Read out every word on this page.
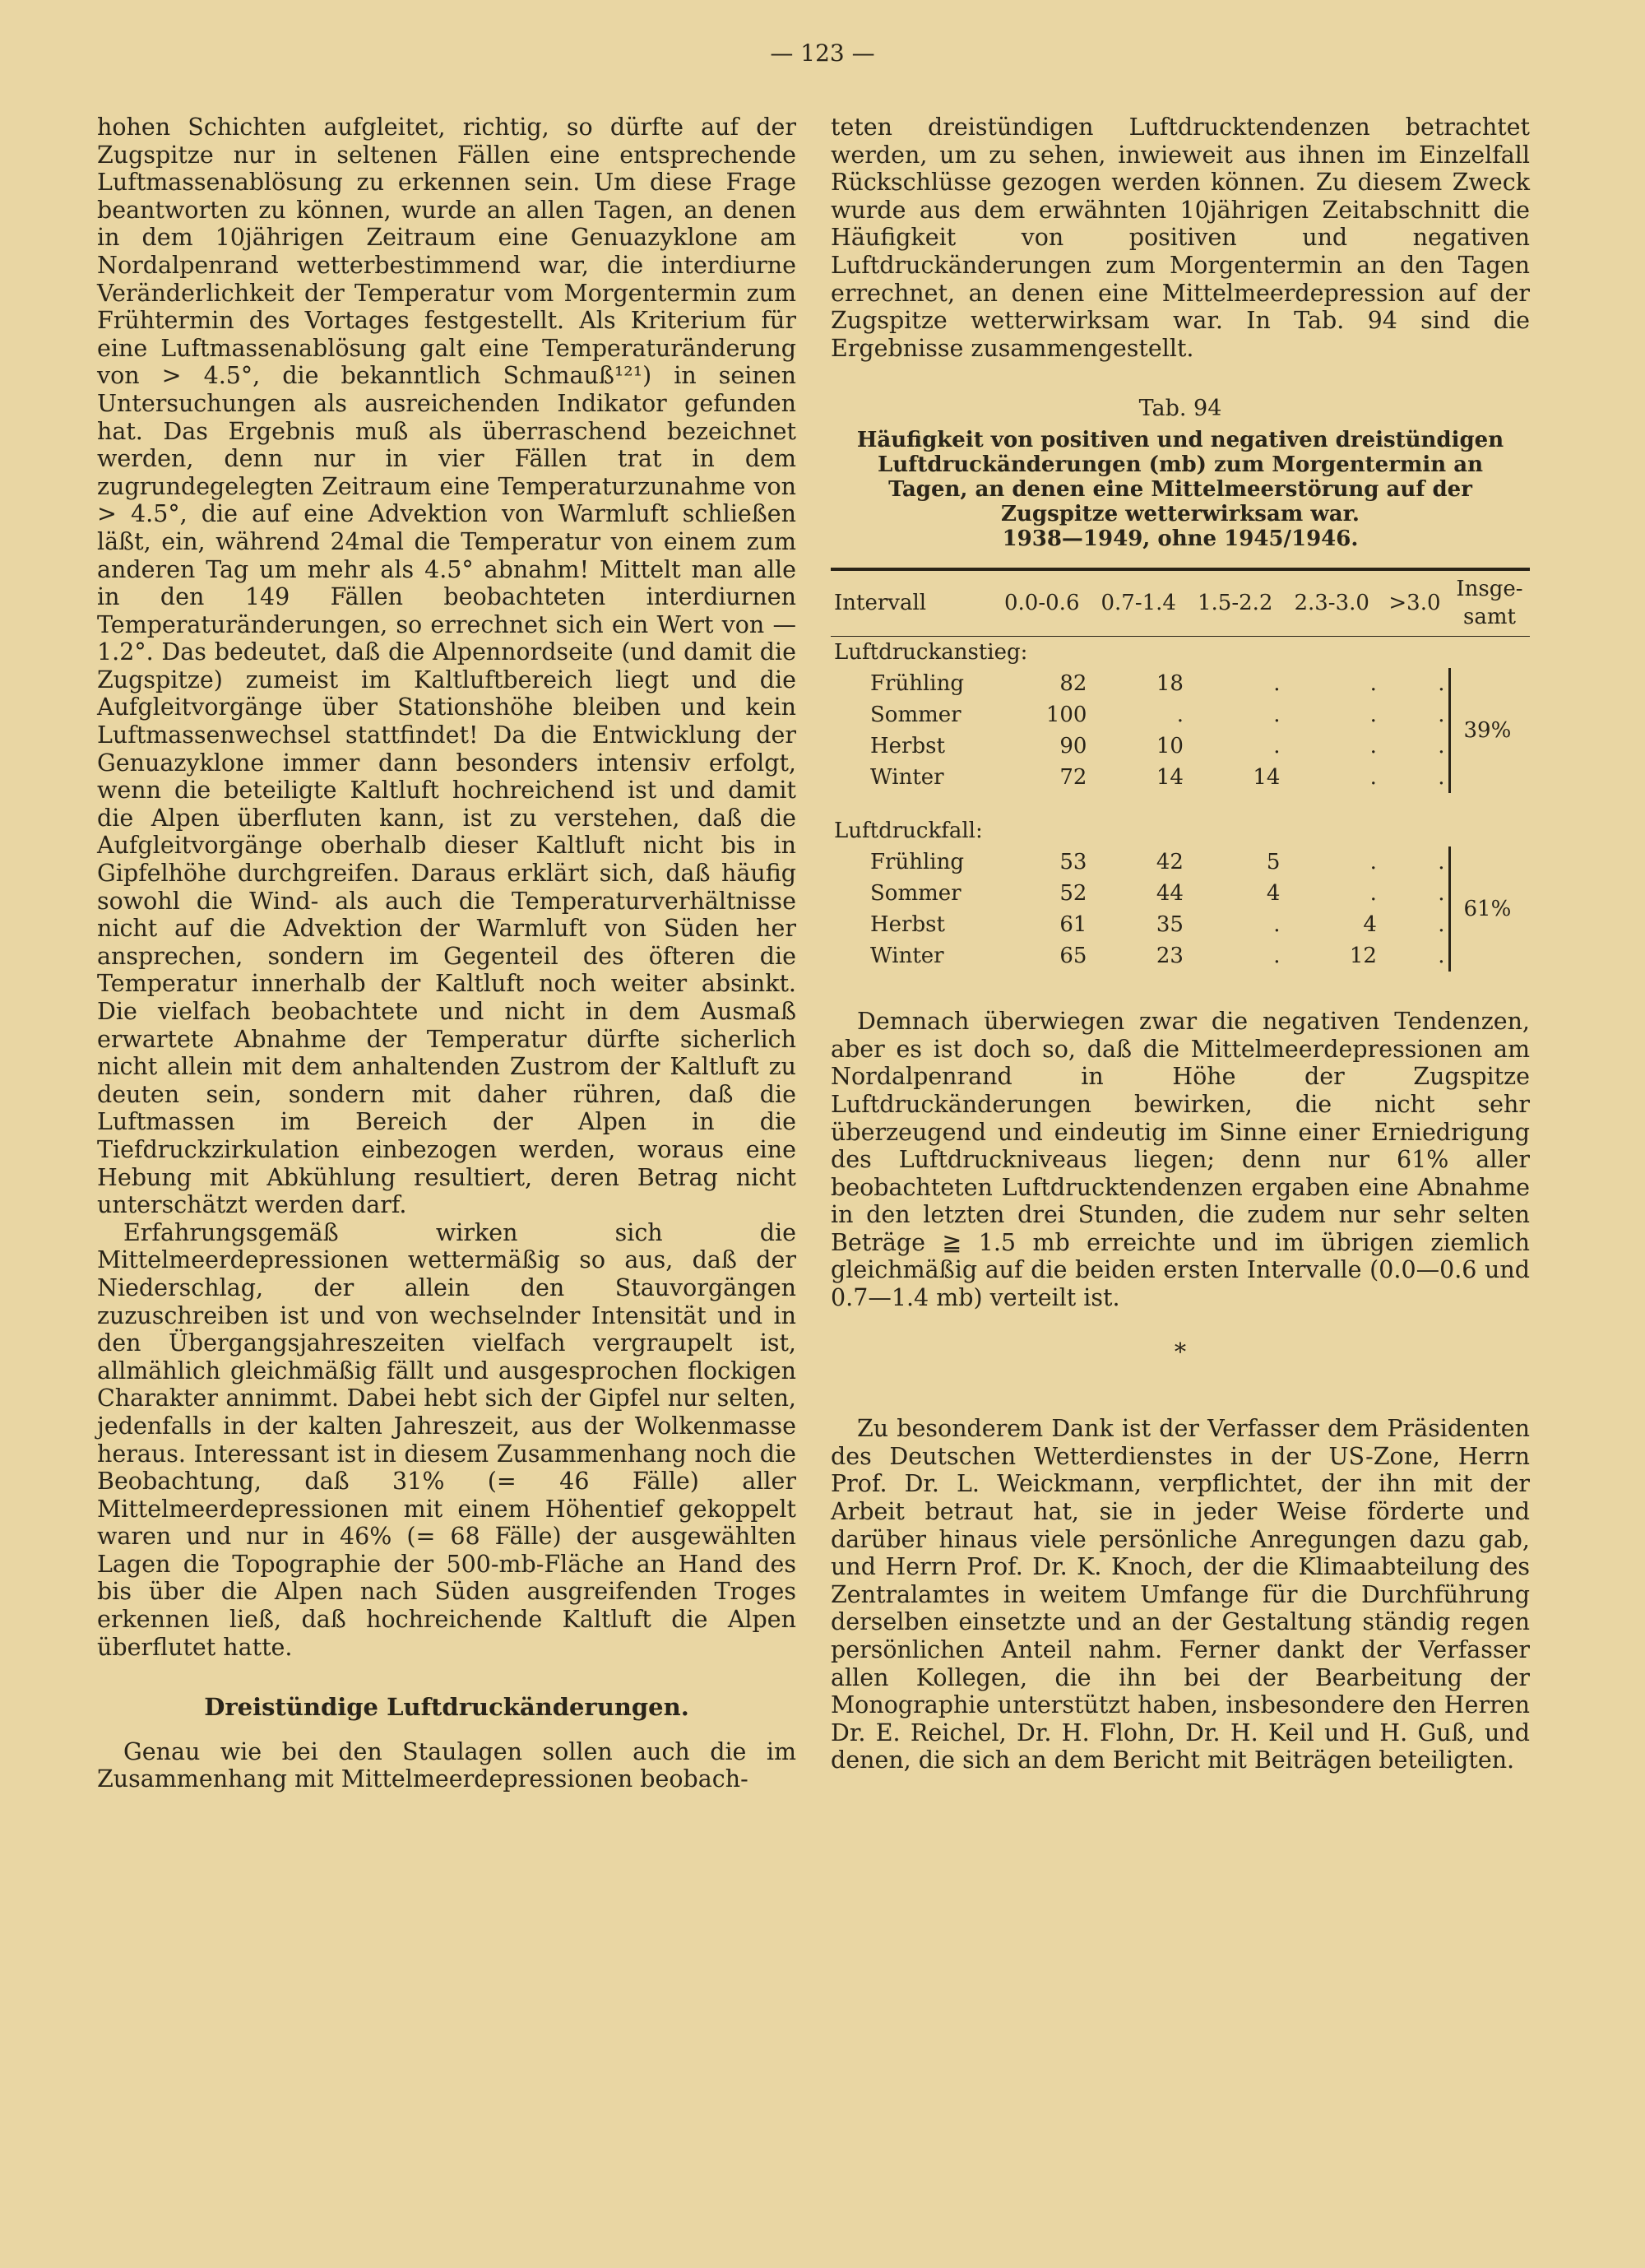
— 123 —

hohen Schichten aufgleitet, richtig, so dürfte auf der Zugspitze nur in seltenen Fällen eine entsprechende Luftmassenablösung zu erkennen sein. Um diese Frage beantworten zu können, wurde an allen Tagen, an denen in dem 10jährigen Zeitraum eine Genuazyklone am Nordalpenrand wetterbestimmend war, die interdiurne Veränderlichkeit der Temperatur vom Morgentermin zum Frühtermin des Vortages festgestellt. Als Kriterium für eine Luftmassenablösung galt eine Temperaturänderung von > 4.5°, die bekanntlich Schmauß¹²¹) in seinen Untersuchungen als ausreichenden Indikator gefunden hat. Das Ergebnis muß als überraschend bezeichnet werden, denn nur in vier Fällen trat in dem zugrundegelegten Zeitraum eine Temperaturzunahme von > 4.5°, die auf eine Advektion von Warmluft schließen läßt, ein, während 24mal die Temperatur von einem zum anderen Tag um mehr als 4.5° abnahm! Mittelt man alle in den 149 Fällen beobachteten interdiurnen Temperaturänderungen, so errechnet sich ein Wert von —1.2°. Das bedeutet, daß die Alpennordseite (und damit die Zugspitze) zumeist im Kaltluftbereich liegt und die Aufgleitvorgänge über Stationshöhe bleiben und kein Luftmassenwechsel stattfindet! Da die Entwicklung der Genuazyklone immer dann besonders intensiv erfolgt, wenn die beteiligte Kaltluft hochreichend ist und damit die Alpen überfluten kann, ist zu verstehen, daß die Aufgleitvorgänge oberhalb dieser Kaltluft nicht bis in Gipfelhöhe durchgreifen. Daraus erklärt sich, daß häufig sowohl die Wind- als auch die Temperaturverhältnisse nicht auf die Advektion der Warmluft von Süden her ansprechen, sondern im Gegenteil des öfteren die Temperatur innerhalb der Kaltluft noch weiter absinkt. Die vielfach beobachtete und nicht in dem Ausmaß erwartete Abnahme der Temperatur dürfte sicherlich nicht allein mit dem anhaltenden Zustrom der Kaltluft zu deuten sein, sondern mit daher rühren, daß die Luftmassen im Bereich der Alpen in die Tiefdruckzirkulation einbezogen werden, woraus eine Hebung mit Abkühlung resultiert, deren Betrag nicht unterschätzt werden darf.

Erfahrungsgemäß wirken sich die Mittelmeerdepressionen wettermäßig so aus, daß der Niederschlag, der allein den Stauvorgängen zuzuschreiben ist und von wechselnder Intensität und in den Übergangsjahreszeiten vielfach vergraupelt ist, allmählich gleichmäßig fällt und ausgesprochen flockigen Charakter annimmt. Dabei hebt sich der Gipfel nur selten, jedenfalls in der kalten Jahreszeit, aus der Wolkenmasse heraus. Interessant ist in diesem Zusammenhang noch die Beobachtung, daß 31% (= 46 Fälle) aller Mittelmeerdepressionen mit einem Höhentief gekoppelt waren und nur in 46% (= 68 Fälle) der ausgewählten Lagen die Topographie der 500-mb-Fläche an Hand des bis über die Alpen nach Süden ausgreifenden Troges erkennen ließ, daß hochreichende Kaltluft die Alpen überflutet hatte.

Dreistündige Luftdruckänderungen.

Genau wie bei den Staulagen sollen auch die im Zusammenhang mit Mittelmeerdepressionen beobach-

teten dreistündigen Luftdrucktendenzen betrachtet werden, um zu sehen, inwieweit aus ihnen im Einzelfall Rückschlüsse gezogen werden können. Zu diesem Zweck wurde aus dem erwähnten 10jährigen Zeitabschnitt die Häufigkeit von positiven und negativen Luftdruckänderungen zum Morgentermin an den Tagen errechnet, an denen eine Mittelmeerdepression auf der Zugspitze wetterwirksam war. In Tab. 94 sind die Ergebnisse zusammengestellt.

Tab. 94
Häufigkeit von positiven und negativen dreistündigen
Luftdruckänderungen (mb) zum Morgentermin an
Tagen, an denen eine Mittelmeerstörung auf der
Zugspitze wetterwirksam war.
1938—1949, ohne 1945/1946.
Intervall	0.0-0.6	0.7-1.4	1.5-2.2	2.3-3.0	>3.0	Insge-samt
Luftdruckanstieg:						
Frühling	82	18	.	.	.	39%
Sommer	100	.	.	.	.	
Herbst	90	10	.	.	.	
Winter	72	14	14	.	.	
Luftdruckfall:						
Frühling	53	42	5	.	.	61%
Sommer	52	44	4	.	.	
Herbst	61	35	.	4	.	
Winter	65	23	.	12	.	

Demnach überwiegen zwar die negativen Tendenzen, aber es ist doch so, daß die Mittelmeerdepressionen am Nordalpenrand in Höhe der Zugspitze Luftdruckänderungen bewirken, die nicht sehr überzeugend und eindeutig im Sinne einer Erniedrigung des Luftdruckniveaus liegen; denn nur 61% aller beobachteten Luftdrucktendenzen ergaben eine Abnahme in den letzten drei Stunden, die zudem nur sehr selten Beträge ≧ 1.5 mb erreichte und im übrigen ziemlich gleichmäßig auf die beiden ersten Intervalle (0.0—0.6 und 0.7—1.4 mb) verteilt ist.

*

Zu besonderem Dank ist der Verfasser dem Präsidenten des Deutschen Wetterdienstes in der US-Zone, Herrn Prof. Dr. L. Weickmann, verpflichtet, der ihn mit der Arbeit betraut hat, sie in jeder Weise förderte und darüber hinaus viele persönliche Anregungen dazu gab, und Herrn Prof. Dr. K. Knoch, der die Klimaabteilung des Zentralamtes in weitem Umfange für die Durchführung derselben einsetzte und an der Gestaltung ständig regen persönlichen Anteil nahm. Ferner dankt der Verfasser allen Kollegen, die ihn bei der Bearbeitung der Monographie unterstützt haben, insbesondere den Herren Dr. E. Reichel, Dr. H. Flohn, Dr. H. Keil und H. Guß, und denen, die sich an dem Bericht mit Beiträgen beteiligten.
